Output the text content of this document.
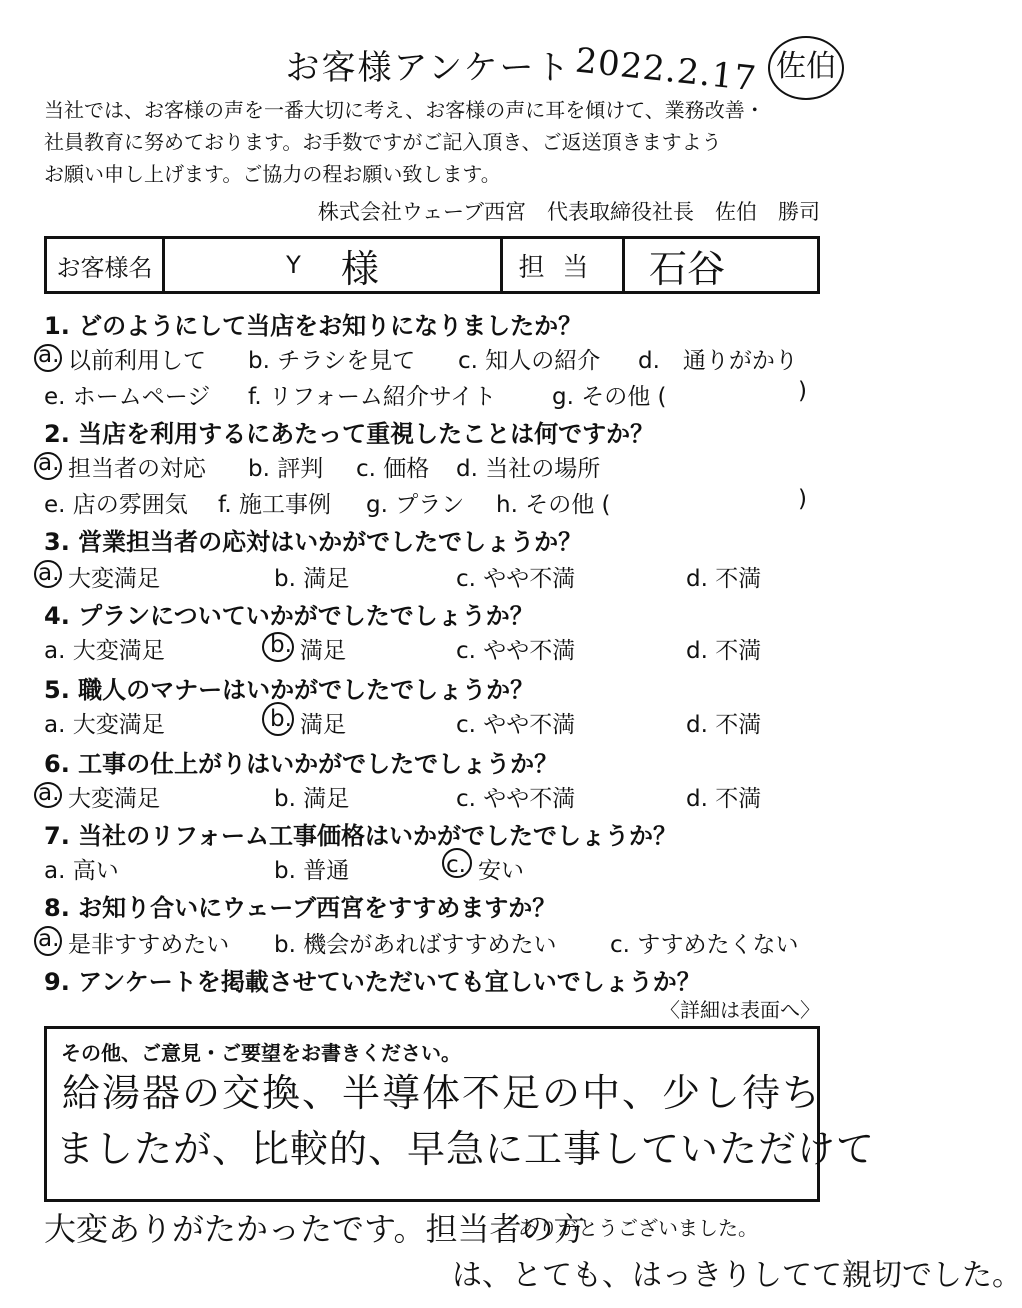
お客様アンケート 2022.2.17 佐伯
当社では、お客様の声を一番大切に考え、お客様の声に耳を傾けて、業務改善・
社員教育に努めております。お手数ですがご記入頂き、ご返送頂きますよう
お願い申し上げます。ご協力の程お願い致します。
株式会社ウェーブ西宮　代表取締役社長　佐伯　勝司
お客様名	Y 様	担当	石谷
1. どのようにして当店をお知りになりましたか？
a. 以前利用して b. チラシを見て c. 知人の紹介 d.　通りがかり
e. ホームページ f. リフォーム紹介サイト g. その他 (	)
2. 当店を利用するにあたって重視したことは何ですか？
a. 担当者の対応 b. 評判 c. 価格 d. 当社の場所
e. 店の雰囲気 f. 施工事例 g. プラン h. その他 (	)
3. 営業担当者の応対はいかがでしたでしょうか？
a. 大変満足	b. 満足	c. やや不満	d. 不満
4. プランについていかがでしたでしょうか？
a. 大変満足	b. 満足	c. やや不満	d. 不満
5. 職人のマナーはいかがでしたでしょうか？
a. 大変満足	b. 満足	c. やや不満	d. 不満
6. 工事の仕上がりはいかがでしたでしょうか？
a. 大変満足	b. 満足	c. やや不満	d. 不満
7. 当社のリフォーム工事価格はいかがでしたでしょうか？
a. 高い	b. 普通	c. 安い
8. お知り合いにウェーブ西宮をすすめますか？
a. 是非すすめたい b. 機会があればすすめたい c. すすめたくない
9. アンケートを掲載させていただいても宜しいでしょうか？
〈詳細は表面へ〉
その他、ご意見・ご要望をお書きください。
給湯器の交換、半導体不足の中、少し待ち
ましたが、比較的、早急に工事していただけて
大変ありがたかったです。担当者の方
ありがとうございました。
は、とても、はっきりしてて親切でした。
